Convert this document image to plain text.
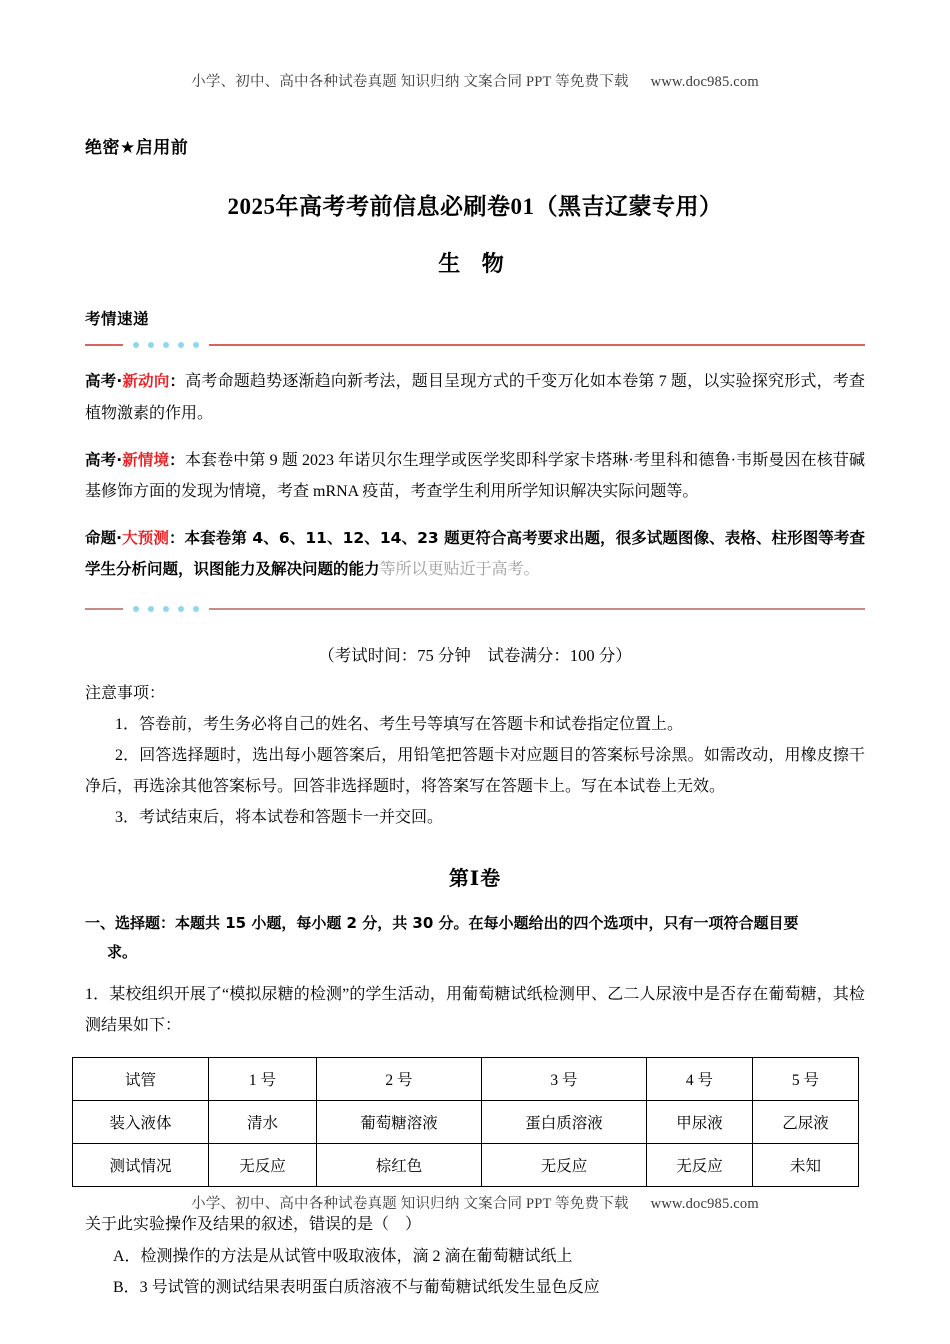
小学、初中、高中各种试卷真题 知识归纳 文案合同 PPT 等免费下载 www.doc985.com
绝密★启用前
2025年高考考前信息必刷卷01（黑吉辽蒙专用）
生 物
考情速递

高考·新动向：高考命题趋势逐渐趋向新考法，题目呈现方式的千变万化如本卷第 7 题，以实验探究形式，考查植物激素的作用。

高考·新情境：本套卷中第 9 题 2023 年诺贝尔生理学或医学奖即科学家卡塔琳·考里科和德鲁·韦斯曼因在核苷碱基修饰方面的发现为情境，考查 mRNA 疫苗，考查学生利用所学知识解决实际问题等。

命题·大预测：本套卷第 4、6、11、12、14、23 题更符合高考要求出题，很多试题图像、表格、柱形图等考查学生分析问题，识图能力及解决问题的能力等所以更贴近于高考。

（考试时间：75 分钟　试卷满分：100 分）
注意事项：
1．答卷前，考生务必将自己的姓名、考生号等填写在答题卡和试卷指定位置上。
2．回答选择题时，选出每小题答案后，用铅笔把答题卡对应题目的答案标号涂黑。如需改动，用橡皮擦干净后，再选涂其他答案标号。回答非选择题时，将答案写在答题卡上。写在本试卷上无效。
3．考试结束后，将本试卷和答题卡一并交回。
第Ⅰ卷
一、选择题：本题共 15 小题，每小题 2 分，共 30 分。在每小题给出的四个选项中，只有一项符合题目要
求。
1．某校组织开展了“模拟尿糖的检测”的学生活动，用葡萄糖试纸检测甲、乙二人尿液中是否存在葡萄糖，其检测结果如下：
试管	1 号	2 号	3 号	4 号	5 号
装入液体	清水	葡萄糖溶液	蛋白质溶液	甲尿液	乙尿液
测试情况	无反应	棕红色	无反应	无反应	未知
关于此实验操作及结果的叙述，错误的是（　）
A．检测操作的方法是从试管中吸取液体，滴 2 滴在葡萄糖试纸上
B．3 号试管的测试结果表明蛋白质溶液不与葡萄糖试纸发生显色反应
小学、初中、高中各种试卷真题 知识归纳 文案合同 PPT 等免费下载 www.doc985.com
